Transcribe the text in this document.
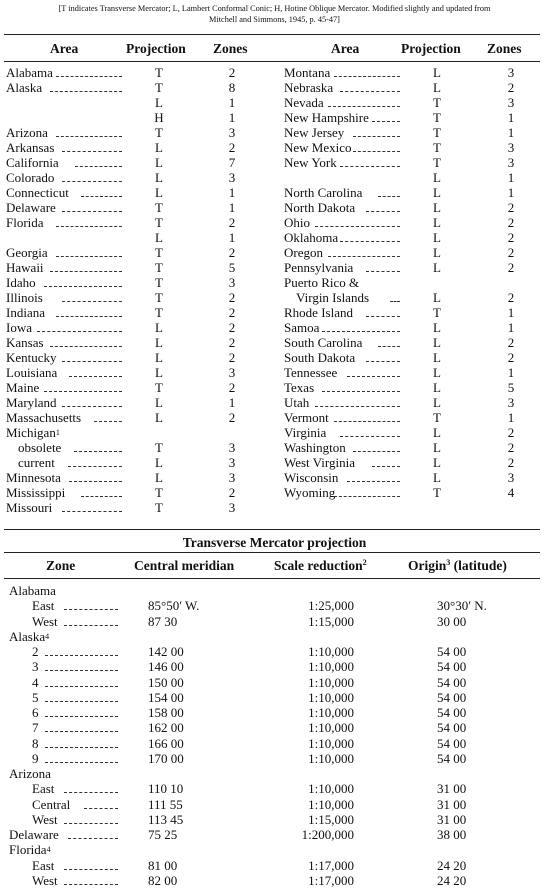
[T indicates Transverse Mercator; L, Lambert Conformal Conic; H, Hotine Oblique Mercator. Modified slightly and updated from
Mitchell and Simmons, 1945, p. 45-47]
Area	Projection Zones	Area	Projection Zones
Alabama	T	2
Alaska	T	8
L	1
H	1
Arizona	T	3
Arkansas	L	2
California	L	7
Colorado	L	3
Connecticut	L	1
Delaware	T	1
Florida	T	2
L	1
Georgia	T	2
Hawaii	T	5
Idaho	T	3
Illinois	T	2
Indiana	T	2
Iowa	L	2
Kansas	L	2
Kentucky	L	2
Louisiana	L	3
Maine	T	2
Maryland	L	1
Massachusetts	L	2
Michigan$^1$
obsolete	T	3
current	L	3
Minnesota	L	3
Mississippi	T	2
Missouri	T	3
Montana	L	3
Nebraska	L	2
Nevada	T	3
New Hampshire	T	1
New Jersey	T	1
New Mexico	T	3
New York	T	3
L	1
North Carolina	L	1
North Dakota	L	2
Ohio	L	2
Oklahoma	L	2
Oregon	L	2
Pennsylvania	L	2
Puerto Rico &
Virgin Islands	L	2
Rhode Island	T	1
Samoa	L	1
South Carolina	L	2
South Dakota	L	2
Tennessee	L	1
Texas	L	5
Utah	L	3
Vermont	T	1
Virginia	L	2
Washington	L	2
West Virginia	L	2
Wisconsin	L	3
Wyoming	T	4
Transverse Mercator projection
Zone	Central meridian	Scale reduction$^2$	Origin$^3$ (latitude)
Alabama
East	85°50′ W.	1:25,000	30°30′ N.
West	87 30	1:15,000	30 00
Alaska$^4$
2	142 00	1:10,000	54 00
3	146 00	1:10,000	54 00
4	150 00	1:10,000	54 00
5	154 00	1:10,000	54 00
6	158 00	1:10,000	54 00
7	162 00	1:10,000	54 00
8	166 00	1:10,000	54 00
9	170 00	1:10,000	54 00
Arizona
East	110 10	1:10,000	31 00
Central	111 55	1:10,000	31 00
West	113 45	1:15,000	31 00
Delaware	75 25	1:200,000	38 00
Florida$^4$
East	81 00	1:17,000	24 20
West	82 00	1:17,000	24 20
